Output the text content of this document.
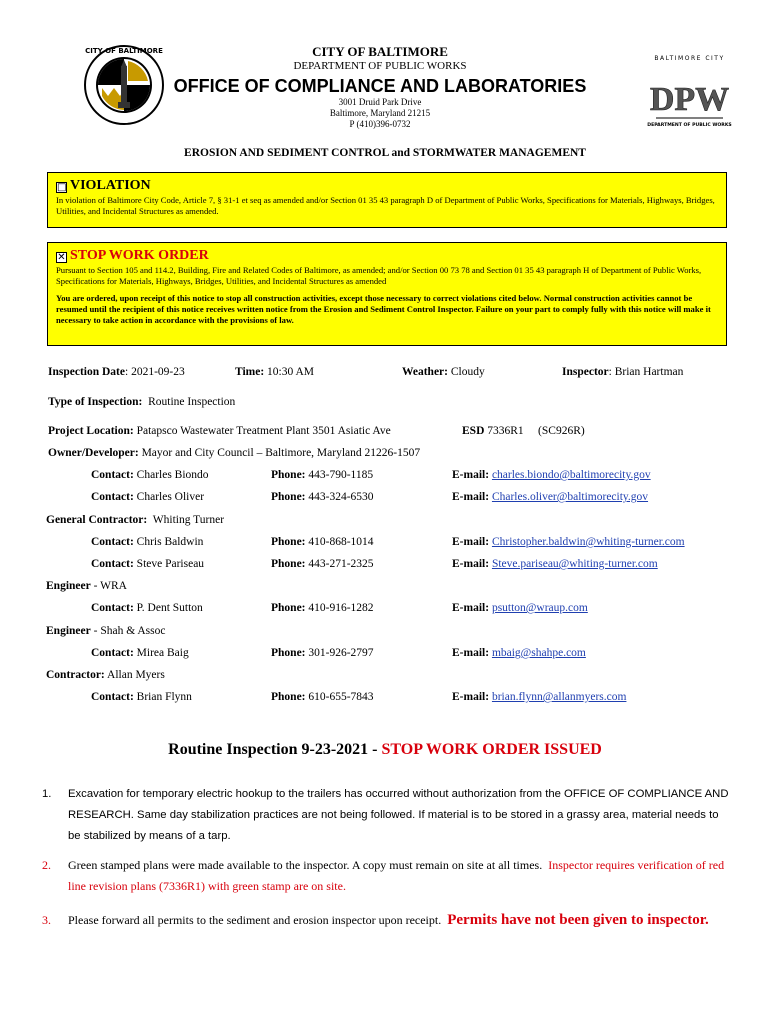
CITY OF BALTIMORE	CITY OF BALTIMORE
DEPARTMENT OF PUBLIC WORKS
OFFICE OF COMPLIANCE AND LABORATORIES
3001 Druid Park Drive
Baltimore, Maryland 21215
P (410)396-0732
BALTIMORE CITY
DPW
DEPARTMENT OF PUBLIC WORKS
EROSION AND SEDIMENT CONTROL and STORMWATER MANAGEMENT
□ VIOLATION
In violation of Baltimore City Code, Article 7, § 31-1 et seq as amended and/or Section 01 35 43 paragraph D of Department of Public Works, Specifications for Materials, Highways, Bridges, Utilities, and Incidental Structures as amended.
✕ STOP WORK ORDER
Pursuant to Section 105 and 114.2, Building, Fire and Related Codes of Baltimore, as amended; and/or Section 00 73 78 and Section 01 35 43 paragraph H of Department of Public Works, Specifications for Materials, Highways, Bridges, Utilities, and Incidental Structures as amended
You are ordered, upon receipt of this notice to stop all construction activities, except those necessary to correct violations cited below. Normal construction activities cannot be resumed until the recipient of this notice receives written notice from the Erosion and Sediment Control Inspector. Failure on your part to comply fully with this notice will make it necessary to take action in accordance with the provisions of law.
Inspection Date: 2021-09-23	Time: 10:30 AM	Weather: Cloudy	Inspector: Brian Hartman
Type of Inspection: Routine Inspection
Project Location: Patapsco Wastewater Treatment Plant 3501 Asiatic Ave	ESD 7336R1 (SC926R)
Owner/Developer: Mayor and City Council – Baltimore, Maryland 21226-1507
Contact: Charles Biondo	Phone: 443-790-1185	E-mail: charles.biondo@baltimorecity.gov
Contact: Charles Oliver	Phone: 443-324-6530	E-mail: Charles.oliver@baltimorecity.gov
General Contractor: Whiting Turner
Contact: Chris Baldwin	Phone: 410-868-1014	E-mail: Christopher.baldwin@whiting-turner.com
Contact: Steve Pariseau	Phone: 443-271-2325	E-mail: Steve.pariseau@whiting-turner.com
Engineer - WRA
Contact: P. Dent Sutton	Phone: 410-916-1282	E-mail: psutton@wraup.com
Engineer - Shah & Assoc
Contact: Mirea Baig	Phone: 301-926-2797	E-mail: mbaig@shahpe.com
Contractor: Allan Myers
Contact: Brian Flynn	Phone: 610-655-7843	E-mail: brian.flynn@allanmyers.com
Routine Inspection 9-23-2021 - STOP WORK ORDER ISSUED
1. Excavation for temporary electric hookup to the trailers has occurred without authorization from the OFFICE OF COMPLIANCE AND RESEARCH. Same day stabilization practices are not being followed. If material is to be stored in a grassy area, material needs to be stabilized by means of a tarp.
2. Green stamped plans were made available to the inspector. A copy must remain on site at all times. Inspector requires verification of red line revision plans (7336R1) with green stamp are on site.
3. Please forward all permits to the sediment and erosion inspector upon receipt. Permits have not been given to inspector.
